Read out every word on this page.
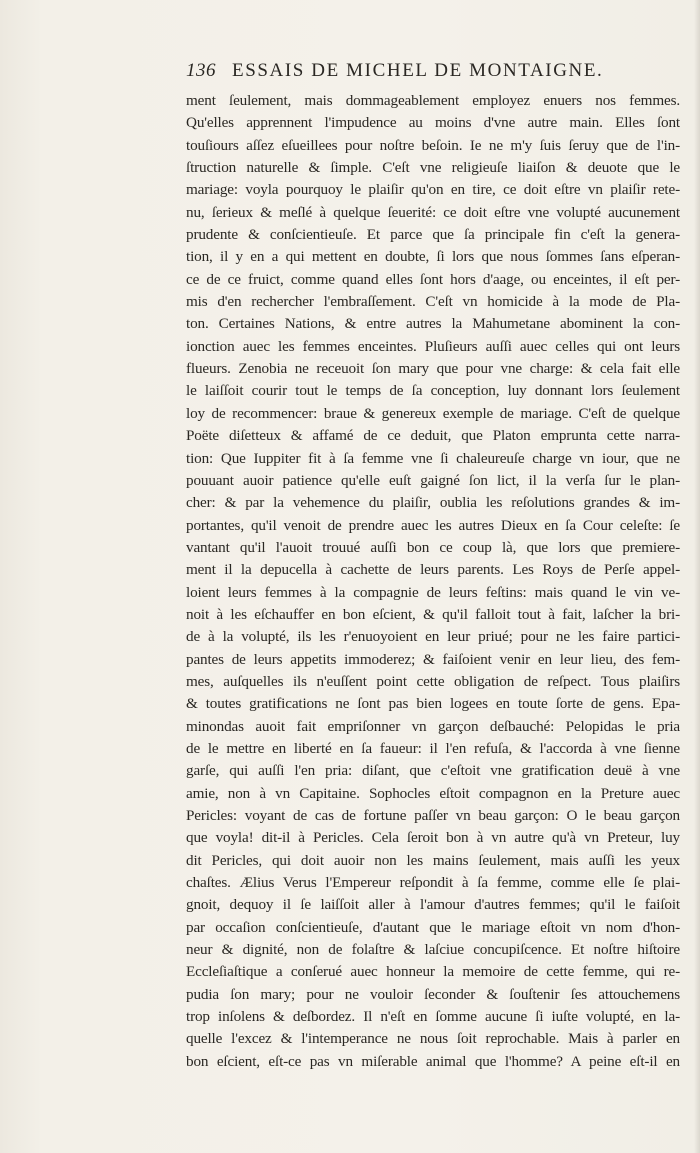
136 ESSAIS DE MICHEL DE MONTAIGNE.
ment ſeulement, mais dommageablement employez enuers nos femmes.
Qu'elles apprennent l'impudence au moins d'vne autre main. Elles ſont
touſiours aſſez eſueillees pour noſtre beſoin. Ie ne m'y ſuis ſeruy que de l'in-
ſtruction naturelle & ſimple. C'eſt vne religieuſe liaiſon & deuote que le
mariage: voyla pourquoy le plaiſir qu'on en tire, ce doit eſtre vn plaiſir rete-
nu, ſerieux & meſlé à quelque ſeuerité: ce doit eſtre vne volupté aucunement
prudente & conſcientieuſe. Et parce que ſa principale fin c'eſt la genera-
tion, il y en a qui mettent en doubte, ſi lors que nous ſommes ſans eſperan-
ce de ce fruict, comme quand elles ſont hors d'aage, ou enceintes, il eſt per-
mis d'en rechercher l'embraſſement. C'eſt vn homicide à la mode de Pla-
ton. Certaines Nations, & entre autres la Mahumetane abominent la con-
ionction auec les femmes enceintes. Pluſieurs auſſi auec celles qui ont leurs
flueurs. Zenobia ne receuoit ſon mary que pour vne charge: & cela fait elle
le laiſſoit courir tout le temps de ſa conception, luy donnant lors ſeulement
loy de recommencer: braue & genereux exemple de mariage. C'eſt de quelque
Poëte diſetteux & affamé de ce deduit, que Platon emprunta cette narra-
tion: Que Iuppiter fit à ſa femme vne ſi chaleureuſe charge vn iour, que ne
pouuant auoir patience qu'elle euſt gaigné ſon lict, il la verſa ſur le plan-
cher: & par la vehemence du plaiſir, oublia les reſolutions grandes & im-
portantes, qu'il venoit de prendre auec les autres Dieux en ſa Cour celeſte: ſe
vantant qu'il l'auoit trouué auſſi bon ce coup là, que lors que premiere-
ment il la depucella à cachette de leurs parents. Les Roys de Perſe appel-
loient leurs femmes à la compagnie de leurs feſtins: mais quand le vin ve-
noit à les eſchauffer en bon eſcient, & qu'il falloit tout à fait, laſcher la bri-
de à la volupté, ils les r'enuoyoient en leur priué; pour ne les faire partici-
pantes de leurs appetits immoderez; & faiſoient venir en leur lieu, des fem-
mes, auſquelles ils n'euſſent point cette obligation de reſpect. Tous plaiſirs
& toutes gratifications ne ſont pas bien logees en toute ſorte de gens. Epa-
minondas auoit fait empriſonner vn garçon deſbauché: Pelopidas le pria
de le mettre en liberté en ſa faueur: il l'en refuſa, & l'accorda à vne ſienne
garſe, qui auſſi l'en pria: diſant, que c'eſtoit vne gratification deuë à vne
amie, non à vn Capitaine. Sophocles eſtoit compagnon en la Preture auec
Pericles: voyant de cas de fortune paſſer vn beau garçon: O le beau garçon
que voyla! dit-il à Pericles. Cela ſeroit bon à vn autre qu'à vn Preteur, luy
dit Pericles, qui doit auoir non les mains ſeulement, mais auſſi les yeux
chaſtes. Ælius Verus l'Empereur reſpondit à ſa femme, comme elle ſe plai-
gnoit, dequoy il ſe laiſſoit aller à l'amour d'autres femmes; qu'il le faiſoit
par occaſion conſcientieuſe, d'autant que le mariage eſtoit vn nom d'hon-
neur & dignité, non de folaſtre & laſciue concupiſcence. Et noſtre hiſtoire
Eccleſiaſtique a conſerué auec honneur la memoire de cette femme, qui re-
pudia ſon mary; pour ne vouloir ſeconder & ſouſtenir ſes attouchemens
trop inſolens & deſbordez. Il n'eſt en ſomme aucune ſi iuſte volupté, en la-
quelle l'excez & l'intemperance ne nous ſoit reprochable. Mais à parler en
bon eſcient, eſt-ce pas vn miſerable animal que l'homme? A peine eſt-il en
